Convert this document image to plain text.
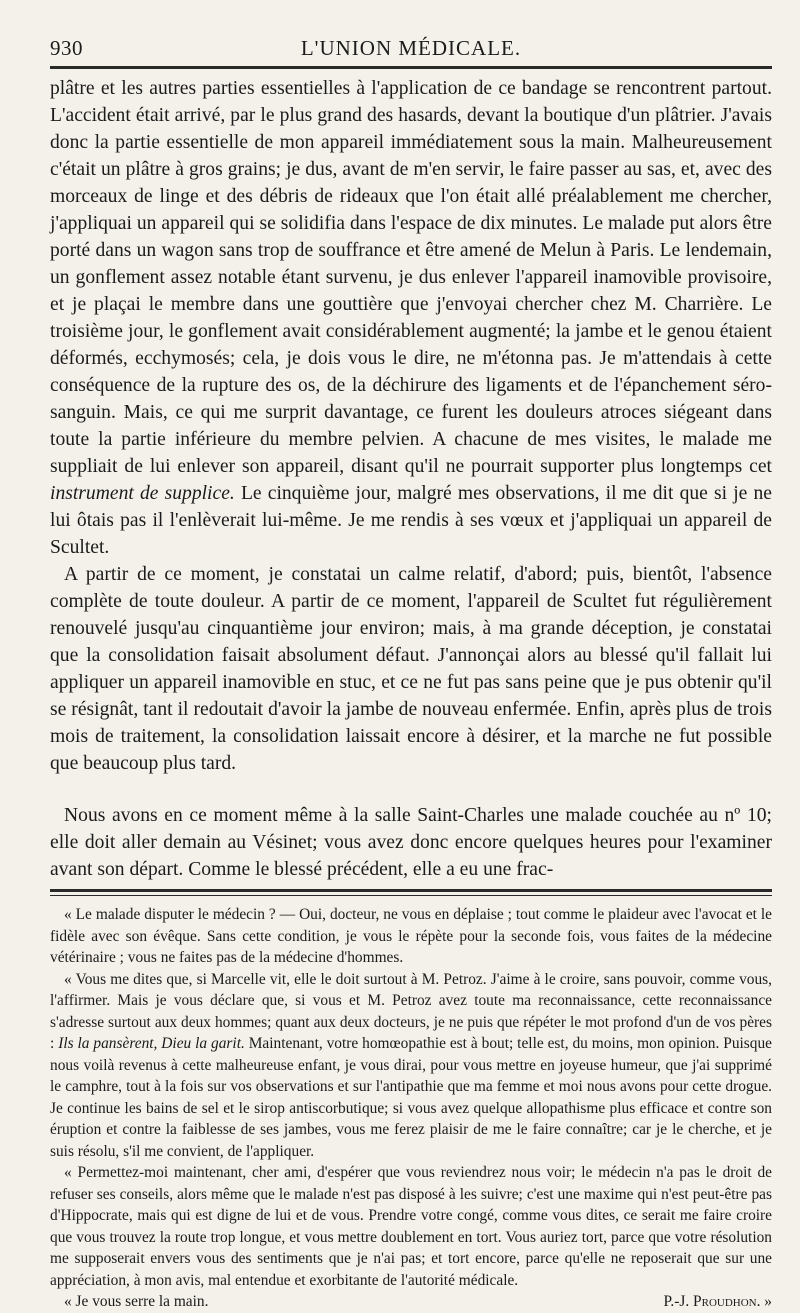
930	L'UNION MÉDICALE.

plâtre et les autres parties essentielles à l'application de ce bandage se rencontrent partout. L'accident était arrivé, par le plus grand des hasards, devant la boutique d'un plâtrier. J'avais donc la partie essentielle de mon appareil immédiatement sous la main. Malheureusement c'était un plâtre à gros grains; je dus, avant de m'en servir, le faire passer au sas, et, avec des morceaux de linge et des débris de rideaux que l'on était allé préalablement me chercher, j'appliquai un appareil qui se solidifia dans l'espace de dix minutes. Le malade put alors être porté dans un wagon sans trop de souffrance et être amené de Melun à Paris. Le lendemain, un gonflement assez notable étant survenu, je dus enlever l'appareil inamovible provisoire, et je plaçai le membre dans une gouttière que j'envoyai chercher chez M. Charrière. Le troisième jour, le gonflement avait considérablement augmenté; la jambe et le genou étaient déformés, ecchymosés; cela, je dois vous le dire, ne m'étonna pas. Je m'attendais à cette conséquence de la rupture des os, de la déchirure des ligaments et de l'épanchement séro-sanguin. Mais, ce qui me surprit davantage, ce furent les douleurs atroces siégeant dans toute la partie inférieure du membre pelvien. A chacune de mes visites, le malade me suppliait de lui enlever son appareil, disant qu'il ne pourrait supporter plus longtemps cet instrument de supplice. Le cinquième jour, malgré mes observations, il me dit que si je ne lui ôtais pas il l'enlèverait lui-même. Je me rendis à ses vœux et j'appliquai un appareil de Scultet.

A partir de ce moment, je constatai un calme relatif, d'abord; puis, bientôt, l'absence complète de toute douleur. A partir de ce moment, l'appareil de Scultet fut régulièrement renouvelé jusqu'au cinquantième jour environ; mais, à ma grande déception, je constatai que la consolidation faisait absolument défaut. J'annonçai alors au blessé qu'il fallait lui appliquer un appareil inamovible en stuc, et ce ne fut pas sans peine que je pus obtenir qu'il se résignât, tant il redoutait d'avoir la jambe de nouveau enfermée. Enfin, après plus de trois mois de traitement, la consolidation laissait encore à désirer, et la marche ne fut possible que beaucoup plus tard.

Nous avons en ce moment même à la salle Saint-Charles une malade couchée au nº 10; elle doit aller demain au Vésinet; vous avez donc encore quelques heures pour l'examiner avant son départ. Comme le blessé précédent, elle a eu une frac-

« Le malade disputer le médecin ? — Oui, docteur, ne vous en déplaise ; tout comme le plaideur avec l'avocat et le fidèle avec son évêque. Sans cette condition, je vous le répète pour la seconde fois, vous faites de la médecine vétérinaire ; vous ne faites pas de la médecine d'hommes.

« Vous me dites que, si Marcelle vit, elle le doit surtout à M. Petroz. J'aime à le croire, sans pouvoir, comme vous, l'affirmer. Mais je vous déclare que, si vous et M. Petroz avez toute ma reconnaissance, cette reconnaissance s'adresse surtout aux deux hommes; quant aux deux docteurs, je ne puis que répéter le mot profond d'un de vos pères : Ils la pansèrent, Dieu la garit. Maintenant, votre homœopathie est à bout; telle est, du moins, mon opinion. Puisque nous voilà revenus à cette malheureuse enfant, je vous dirai, pour vous mettre en joyeuse humeur, que j'ai supprimé le camphre, tout à la fois sur vos observations et sur l'antipathie que ma femme et moi nous avons pour cette drogue. Je continue les bains de sel et le sirop antiscorbutique; si vous avez quelque allopathisme plus efficace et contre son éruption et contre la faiblesse de ses jambes, vous me ferez plaisir de me le faire connaître; car je le cherche, et je suis résolu, s'il me convient, de l'appliquer.

« Permettez-moi maintenant, cher ami, d'espérer que vous reviendrez nous voir; le médecin n'a pas le droit de refuser ses conseils, alors même que le malade n'est pas disposé à les suivre; c'est une maxime qui n'est peut-être pas d'Hippocrate, mais qui est digne de lui et de vous. Prendre votre congé, comme vous dites, ce serait me faire croire que vous trouvez la route trop longue, et vous mettre doublement en tort. Vous auriez tort, parce que votre résolution me supposerait envers vous des sentiments que je n'ai pas; et tort encore, parce qu'elle ne reposerait que sur une appréciation, à mon avis, mal entendue et exorbitante de l'autorité médicale.

« Je vous serre la main.	P.-J. Proudhon. »
